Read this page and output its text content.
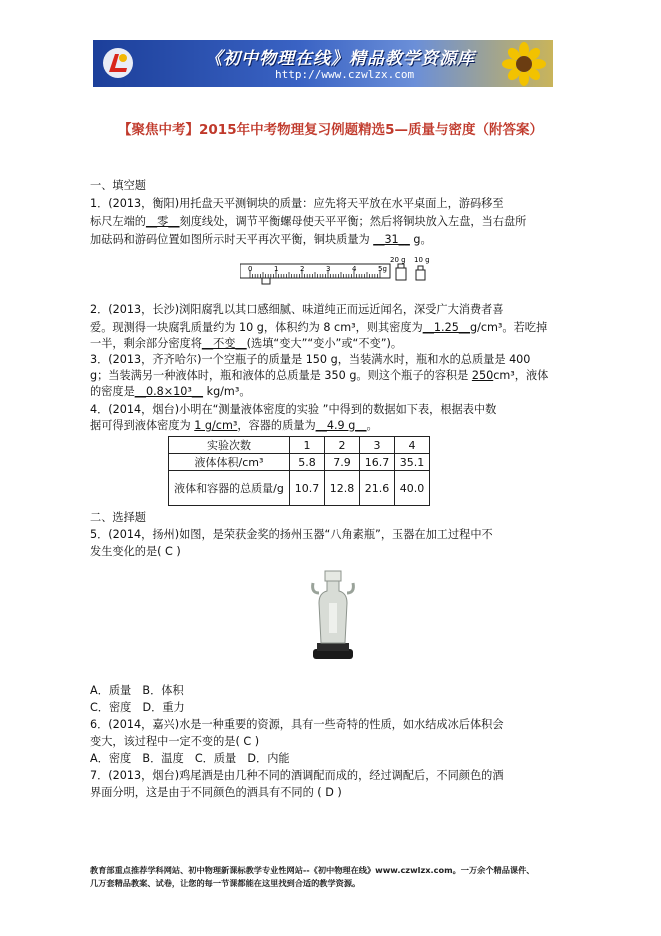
《初中物理在线》精品教学资源库
http://www.czwlzx.com
【聚焦中考】2015年中考物理复习例题精选5—质量与密度（附答案）
一、填空题
1．(2013，衡阳)用托盘天平测铜块的质量：应先将天平放在水平桌面上，游码移至
标尺左端的__零__刻度线处，调节平衡螺母使天平平衡；然后将铜块放入左盘，当右盘所
加砝码和游码位置如图所示时天平再次平衡，铜块质量为 __31__ g。
20 g 10 g
0	1	2	3	4	5g
2．(2013，长沙)浏阳腐乳以其口感细腻、味道纯正而远近闻名，深受广大消费者喜
爱。现测得一块腐乳质量约为 10 g，体积约为 8 cm³，则其密度为__1.25__g/cm³。若吃掉
一半，剩余部分密度将__不变__(选填“变大”“变小”或“不变”)。
3．(2013，齐齐哈尔)一个空瓶子的质量是 150 g，当装满水时，瓶和水的总质量是 400
g；当装满另一种液体时，瓶和液体的总质量是 350 g。则这个瓶子的容积是 250cm³，液体
的密度是__0.8×10³__ kg/m³。
4．(2014，烟台)小明在“测量液体密度的实验 ”中得到的数据如下表，根据表中数
据可得到液体密度为 1 g/cm³，容器的质量为__4.9 g__。
实验次数	1	2	3	4
液体体积/cm³	5.8	7.9	16.7	35.1
液体和容器的总质量/g	10.7	12.8	21.6	40.0
二、选择题
5．(2014，扬州)如图，是荣获金奖的扬州玉器“八角素瓶”，玉器在加工过程中不
发生变化的是( C )
A．质量　B．体积
C．密度　D．重力
6．(2014，嘉兴)水是一种重要的资源，具有一些奇特的性质，如水结成冰后体积会
变大，该过程中一定不变的是( C )
A．密度　B．温度　C．质量　D．内能
7．(2013，烟台)鸡尾酒是由几种不同的酒调配而成的，经过调配后，不同颜色的酒
界面分明，这是由于不同颜色的酒具有不同的 ( D )
教育部重点推荐学科网站、初中物理新课标教学专业性网站--《初中物理在线》www.czwlzx.com。一万余个精品课件、
几万套精品教案、试卷，让您的每一节课都能在这里找到合适的教学资源。
